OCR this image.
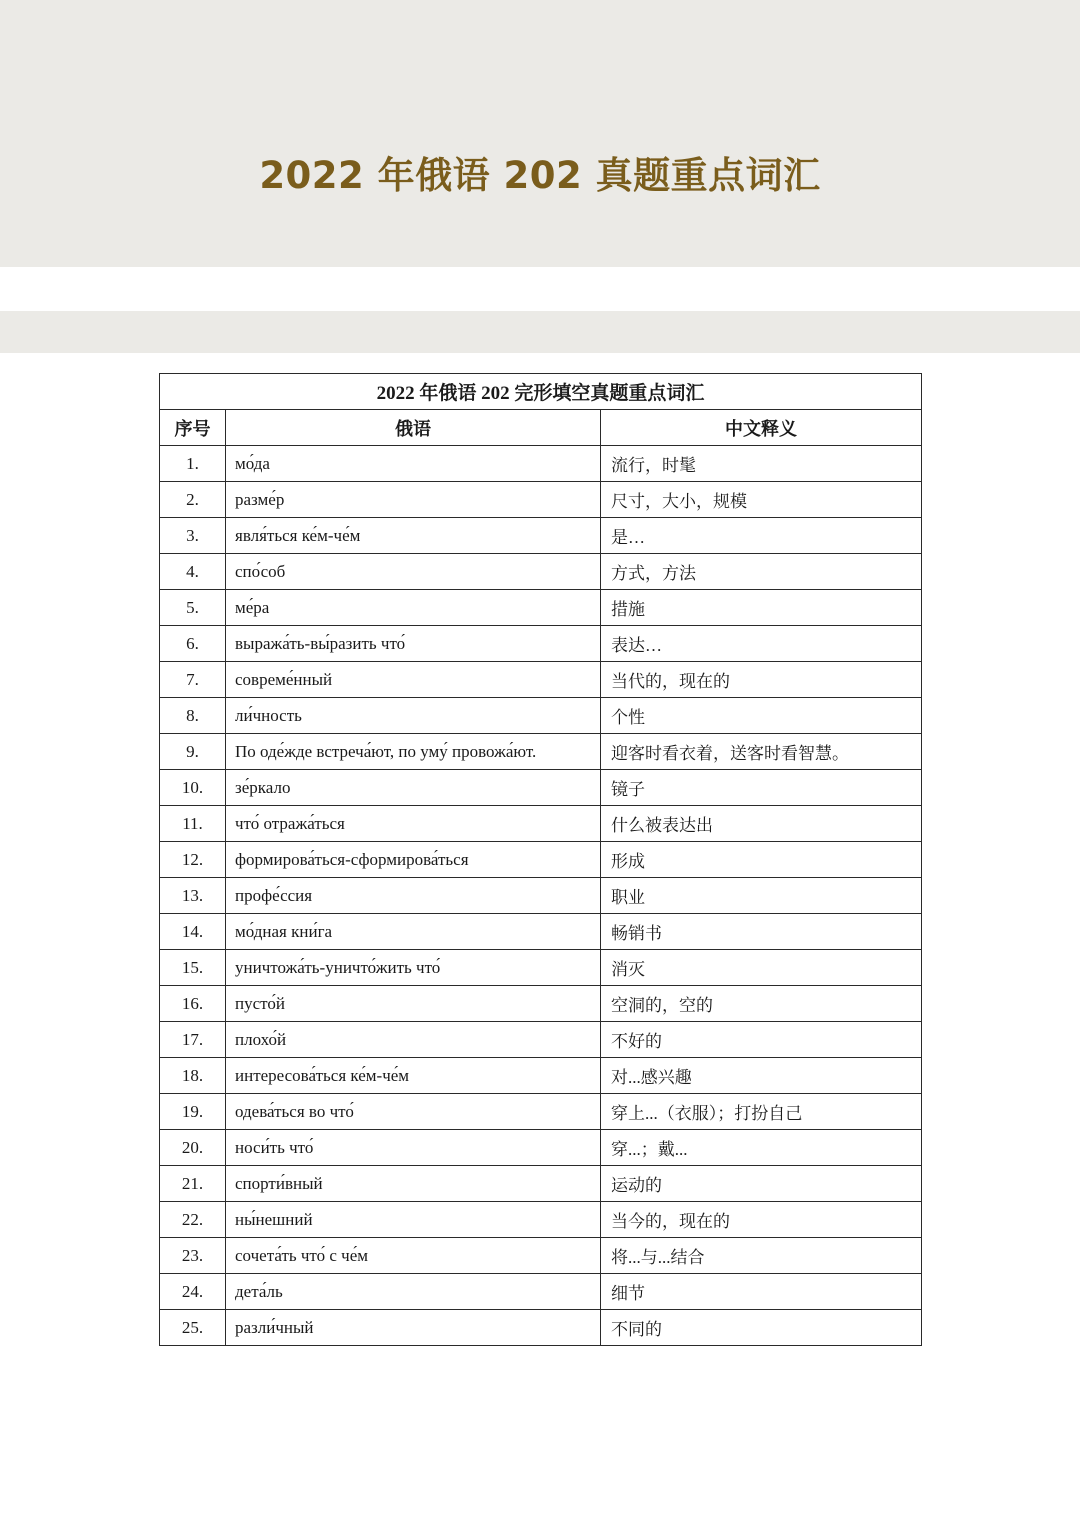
2022 年俄语 202 真题重点词汇
2022 年俄语 202 完形填空真题重点词汇		
序号	俄语	中文释义
1.	мо́да	流行，时髦
2.	разме́р	尺寸，大小，规模
3.	явля́ться ке́м-че́м	是…
4.	спо́соб	方式，方法
5.	ме́ра	措施
6.	выража́ть-вы́разить что́	表达…
7.	совреме́нный	当代的，现在的
8.	ли́чность	个性
9.	По оде́жде встреча́ют, по уму́ провожа́ют.	迎客时看衣着，送客时看智慧。
10.	зе́ркало	镜子
11.	что́ отража́ться	什么被表达出
12.	формирова́ться-сформирова́ться	形成
13.	профе́ссия	职业
14.	мо́дная кни́га	畅销书
15.	уничтожа́ть-уничто́жить что́	消灭
16.	пусто́й	空洞的，空的
17.	плохо́й	不好的
18.	интересова́ться ке́м-че́м	对...感兴趣
19.	одева́ться во что́	穿上...（衣服）；打扮自己
20.	носи́ть что́	穿...；戴...
21.	спорти́вный	运动的
22.	ны́нешний	当今的，现在的
23.	сочета́ть что́ с че́м	将...与...结合
24.	дета́ль	细节
25.	разли́чный	不同的
